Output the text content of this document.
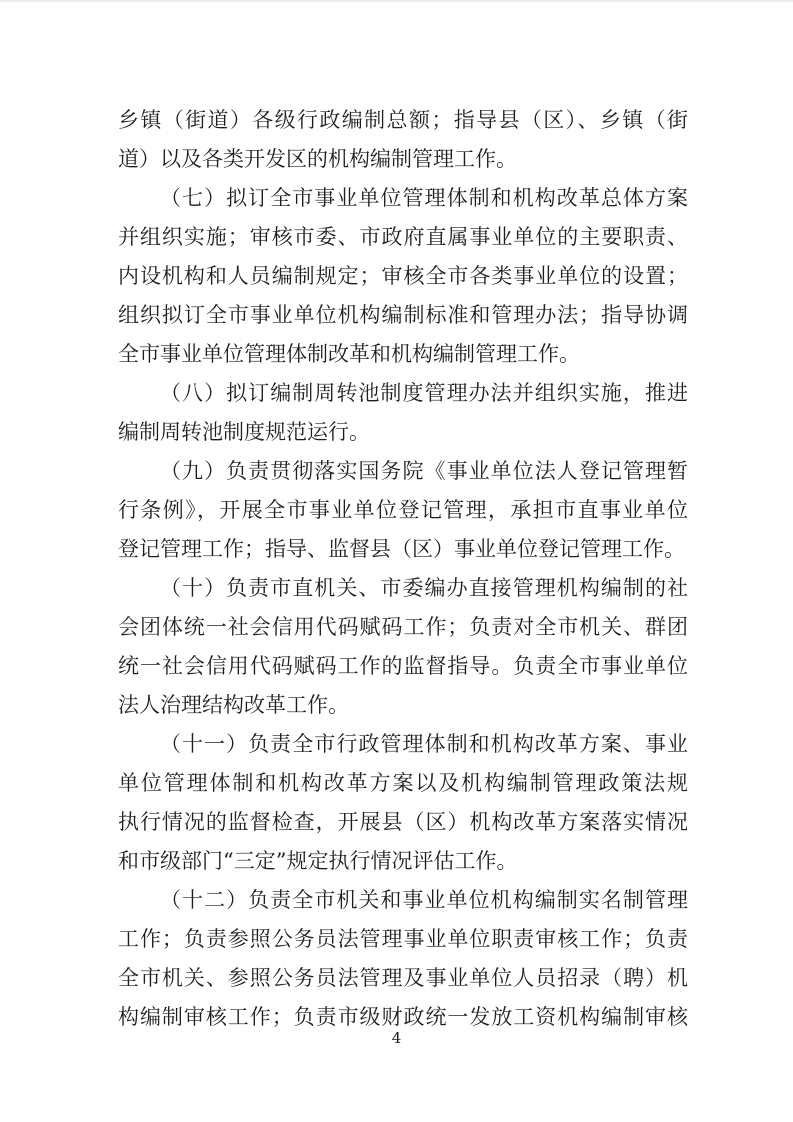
乡镇（街道）各级行政编制总额；指导县（区）、乡镇（街
道）以及各类开发区的机构编制管理工作。
（七）拟订全市事业单位管理体制和机构改革总体方案
并组织实施；审核市委、市政府直属事业单位的主要职责、
内设机构和人员编制规定；审核全市各类事业单位的设置；
组织拟订全市事业单位机构编制标准和管理办法；指导协调
全市事业单位管理体制改革和机构编制管理工作。
（八）拟订编制周转池制度管理办法并组织实施，推进
编制周转池制度规范运行。
（九）负责贯彻落实国务院《事业单位法人登记管理暂
行条例》，开展全市事业单位登记管理，承担市直事业单位
登记管理工作；指导、监督县（区）事业单位登记管理工作。
（十）负责市直机关、市委编办直接管理机构编制的社
会团体统一社会信用代码赋码工作；负责对全市机关、群团
统一社会信用代码赋码工作的监督指导。负责全市事业单位
法人治理结构改革工作。
（十一）负责全市行政管理体制和机构改革方案、事业
单位管理体制和机构改革方案以及机构编制管理政策法规
执行情况的监督检查，开展县（区）机构改革方案落实情况
和市级部门“三定”规定执行情况评估工作。
（十二）负责全市机关和事业单位机构编制实名制管理
工作；负责参照公务员法管理事业单位职责审核工作；负责
全市机关、参照公务员法管理及事业单位人员招录（聘）机
构编制审核工作；负责市级财政统一发放工资机构编制审核
4
